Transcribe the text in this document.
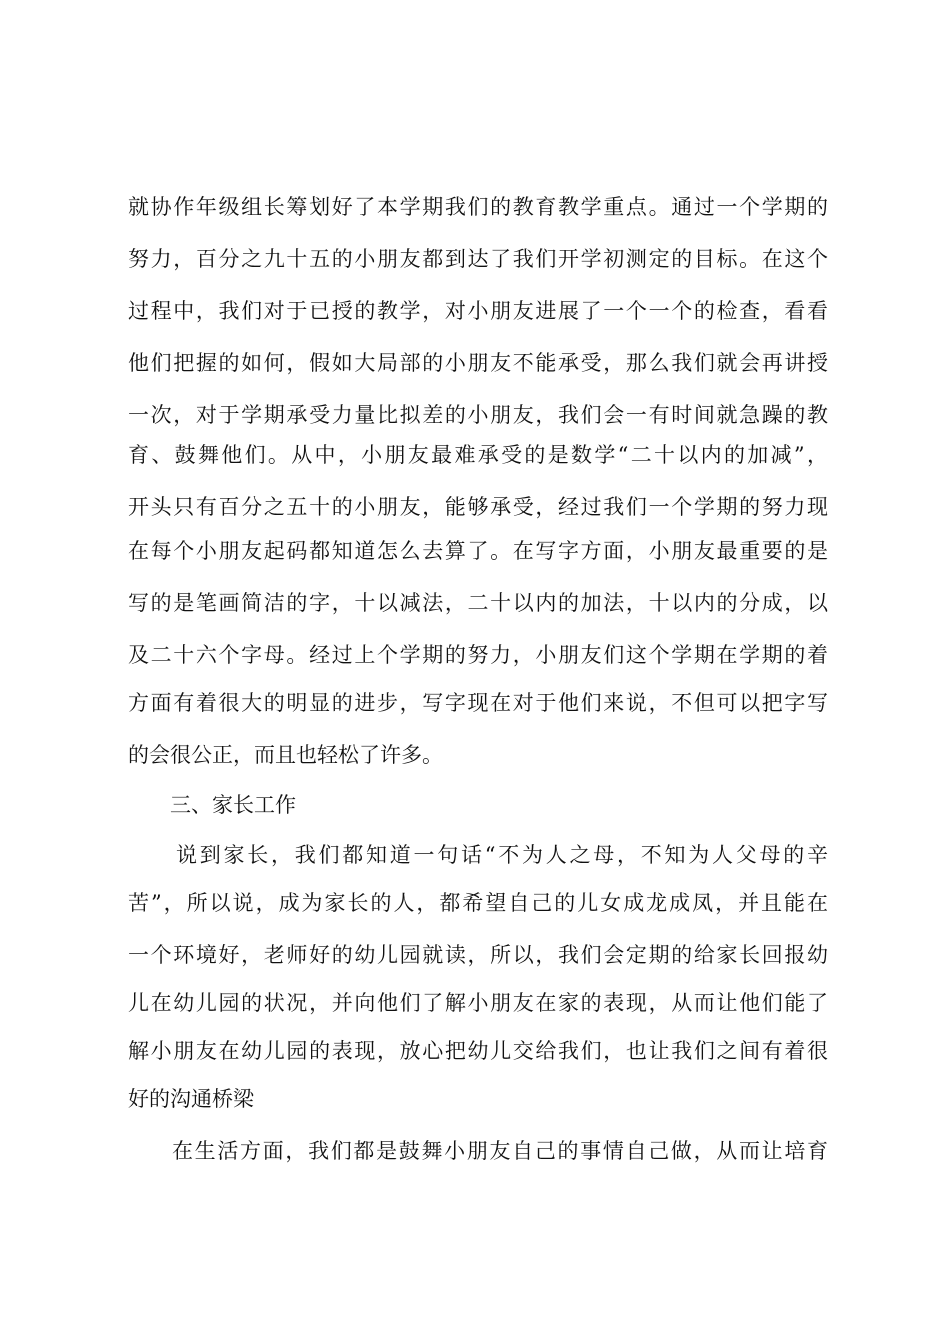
就协作年级组长筹划好了本学期我们的教育教学重点。通过一个学期的
努力，百分之九十五的小朋友都到达了我们开学初测定的目标。在这个
过程中，我们对于已授的教学，对小朋友进展了一个一个的检查，看看
他们把握的如何，假如大局部的小朋友不能承受，那么我们就会再讲授
一次，对于学期承受力量比拟差的小朋友，我们会一有时间就急躁的教
育、鼓舞他们。从中，小朋友最难承受的是数学“二十以内的加减”，
开头只有百分之五十的小朋友，能够承受，经过我们一个学期的努力现
在每个小朋友起码都知道怎么去算了。在写字方面，小朋友最重要的是
写的是笔画简洁的字，十以减法，二十以内的加法，十以内的分成，以
及二十六个字母。经过上个学期的努力，小朋友们这个学期在学期的着
方面有着很大的明显的进步，写字现在对于他们来说，不但可以把字写
的会很公正，而且也轻松了许多。
三、家长工作
说到家长，我们都知道一句话“不为人之母，不知为人父母的辛
苦”，所以说，成为家长的人，都希望自己的儿女成龙成凤，并且能在
一个环境好，老师好的幼儿园就读，所以，我们会定期的给家长回报幼
儿在幼儿园的状况，并向他们了解小朋友在家的表现，从而让他们能了
解小朋友在幼儿园的表现，放心把幼儿交给我们，也让我们之间有着很
好的沟通桥梁
在生活方面，我们都是鼓舞小朋友自己的事情自己做，从而让培育
